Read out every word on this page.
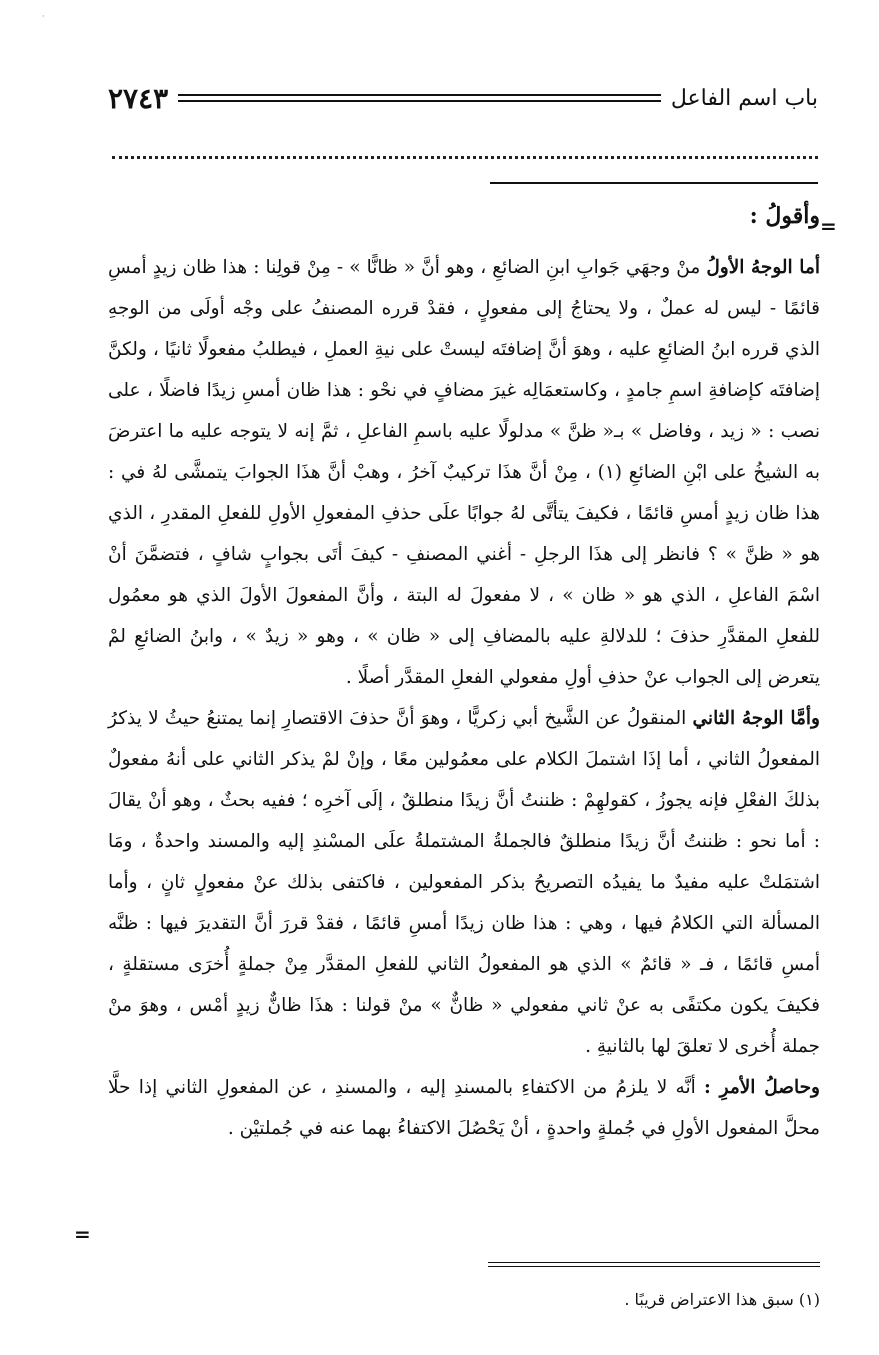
·
٢٧٤٣	باب اسم الفاعل
=
=

وأقولُ :

أما الوجهُ الأولُ منْ وجهَي جَوابِ ابنِ الضائعِ ، وهو أنَّ « ظانًّا » - مِنْ قولِنا : هذا ظان زيدٍ أمسِ قائمًا - ليس له عملٌ ، ولا يحتاجُ إلى مفعولٍ ، فقدْ قرره المصنفُ على وجْه أولَى من الوجهِ الذي قرره ابنُ الضائعِ عليه ، وهوَ أنَّ إضافتَه ليستْ على نيةِ العملِ ، فيطلبُ مفعولًا ثانيًا ، ولكنَّ إضافتَه كإضافةِ اسمِ جامدٍ ، وكاستعمَالِه غيرَ مضافٍ في نحْو : هذا ظان أمسِ زيدًا فاضلًا ، على نصب : « زيد ، وفاضل » بـ« ظنَّ » مدلولًا عليه باسمِ الفاعلِ ، ثمَّ إنه لا يتوجه عليه ما اعترضَ به الشيخُ على ابْنِ الضائعِ (١) ، مِنْ أنَّ هذَا تركيبٌ آخرُ ، وهبْ أنَّ هذَا الجوابَ يتمشَّى لهُ في : هذا ظان زيدٍ أمسِ قائمًا ، فكيفَ يتأتَّى لهُ جوابًا علَى حذفِ المفعولِ الأولِ للفعلِ المقدرِ ، الذي هو « ظنَّ » ؟ فانظر إلى هذَا الرجلِ - أغني المصنفِ - كيفَ أتَى بجوابٍ شافٍ ، فتضمَّنَ أنْ اسْمَ الفاعلِ ، الذي هو « ظان » ، لا مفعولَ له البتة ، وأنَّ المفعولَ الأولَ الذي هو معمُول للفعلِ المقدَّرِ حذفَ ؛ للدلالةِ عليه بالمضافِ إلى « ظان » ، وهو « زيدٌ » ، وابنُ الضائعِ لمْ يتعرض إلى الجواب عنْ حذفِ أولِ مفعولي الفعلِ المقدَّر أصلًا .

وأمَّا الوجهُ الثاني المنقولُ عن الشَّيخ أبي زكريًّا ، وهوَ أنَّ حذفَ الاقتصارِ إنما يمتنعُ حيثُ لا يذكرُ المفعولُ الثاني ، أما إذَا اشتملَ الكلام على معمُولين معًا ، وإنْ لمْ يذكر الثاني على أنهُ مفعولٌ بذلكَ الفعْلِ فإنه يجوزُ ، كقولهِمْ : ظننتُ أنَّ زيدًا منطلقٌ ، إلَى آخرِه ؛ ففيه بحثٌ ، وهو أنْ يقالَ : أما نحو : ظننتُ أنَّ زيدًا منطلقٌ فالجملةُ المشتملةُ علَى المسْندِ إليه والمسند واحدةٌ ، ومَا اشتمَلتْ عليه مفيدٌ ما يفيدُه التصريحُ بذكر المفعولين ، فاكتفى بذلك عنْ مفعولٍ ثانٍ ، وأما المسألة التي الكلامُ فيها ، وهي : هذا ظان زيدًا أمسِ قائمًا ، فقدْ قررَ أنَّ التقديرَ فيها : ظنَّه أمسِ قائمًا ، فـ « قائمٌ » الذي هو المفعولُ الثاني للفعلِ المقدَّر مِنْ جملةٍ أُخرَى مستقلةٍ ، فكيفَ يكون مكتفًى به عنْ ثاني مفعولي « ظانٌّ » منْ قولنا : هذَا ظانٌّ زيدٍ أمْس ، وهوَ منْ جملة أُخرى لا تعلقَ لها بالثانيةِ .

وحاصلُ الأمرِ : أنَّه لا يلزمُ من الاكتفاءِ بالمسندِ إليه ، والمسندِ ، عن المفعولِ الثاني إذا حلَّا محلَّ المفعول الأولِ في جُملةٍ واحدةٍ ، أنْ يَحْصُلَ الاكتفاءُ بهما عنه في جُملتيْن .

(١) سبق هذا الاعتراض قريبًا .
